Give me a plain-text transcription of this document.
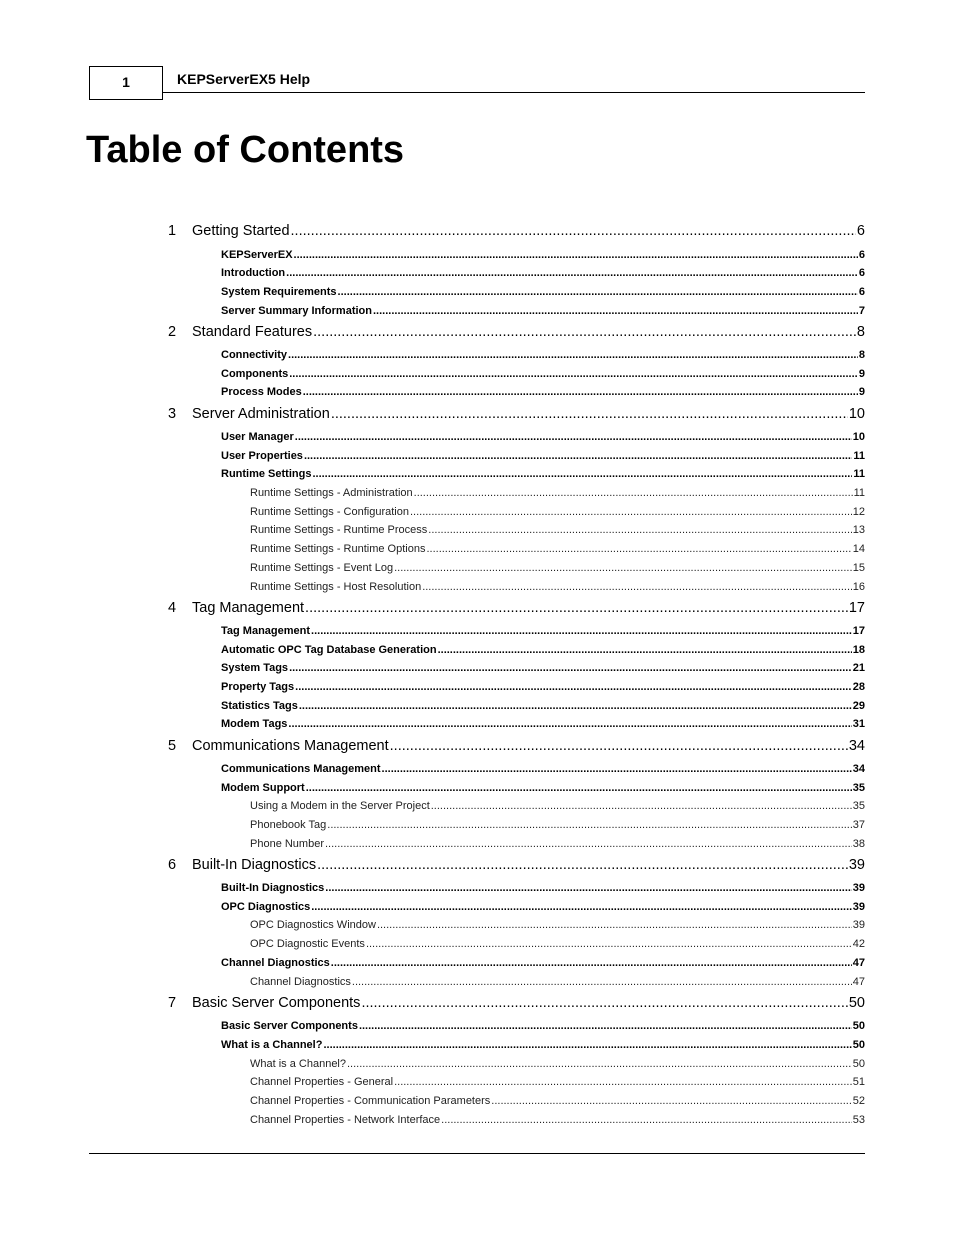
1	KEPServerEX5 Help
Table of Contents
1 Getting Started .....	6
KEPServerEX .....	6
Introduction .....	6
System Requirements .....	6
Server Summary Information .....	7
2 Standard Features .....	8
Connectivity .....	8
Components .....	9
Process Modes .....	9
3 Server Administration .....	10
User Manager .....	10
User Properties .....	11
Runtime Settings .....	11
Runtime Settings - Administration .....	11
Runtime Settings - Configuration .....	12
Runtime Settings - Runtime Process .....	13
Runtime Settings - Runtime Options .....	14
Runtime Settings - Event Log .....	15
Runtime Settings - Host Resolution .....	16
4 Tag Management .....	17
Tag Management .....	17
Automatic OPC Tag Database Generation .....	18
System Tags .....	21
Property Tags .....	28
Statistics Tags .....	29
Modem Tags .....	31
5 Communications Management .....	34
Communications Management .....	34
Modem Support .....	35
Using a Modem in the Server Project .....	35
Phonebook Tag .....	37
Phone Number .....	38
6 Built-In Diagnostics .....	39
Built-In Diagnostics .....	39
OPC Diagnostics .....	39
OPC Diagnostics Window .....	39
OPC Diagnostic Events .....	42
Channel Diagnostics .....	47
Channel Diagnostics .....	47
7 Basic Server Components .....	50
Basic Server Components .....	50
What is a Channel? .....	50
What is a Channel? .....	50
Channel Properties - General .....	51
Channel Properties - Communication Parameters .....	52
Channel Properties - Network Interface .....	53
